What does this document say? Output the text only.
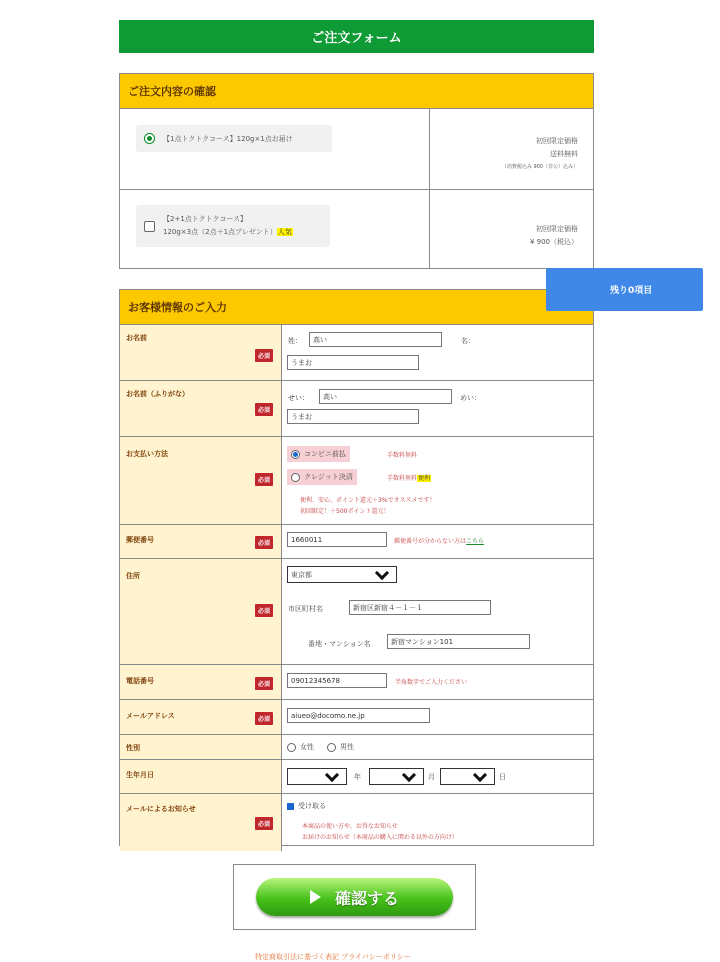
ご注文フォーム
ご注文内容の確認
【1点トクトクコース】120g×1点お届け	初回限定価格
送料無料
（消費税込み 900（非公）込み）
【2+1点トクトクコース】
120g×3点（2点＋1点プレゼント）人気	初回限定価格
¥ 900（税込）
お客様情報のご入力
お名前
必須
姓：	高い	名：
うまお
お名前（ふりがな）
必須
せい：	高い	めい：
うまお
お支払い方法
必須
コンビニ前払	手数料無料
クレジット決済	手数料無料便利
便利、安心、ポイント還元＋3%でオススメです！
初回限定！＋500ポイント還元！
郵便番号	必須	1660011	郵便番号が分からない方はこちら
住所
必須
東京都
市区町村名	新宿区新宿４－１－１
番地・マンション名	新宿マンション101
電話番号	必須	09012345678	半角数字でご入力ください
メールアドレス	必須	aiueo@docomo.ne.jp
性別	女性	男性
生年月日	年	月	日
メールによるお知らせ
必須
受け取る
本商品の使い方や、お得なお知らせ
お届けのお知らせ（本商品の購入に関わる以外の方向け）
残り0項目
確認する
特定商取引法に基づく表記 プライバシーポリシー
